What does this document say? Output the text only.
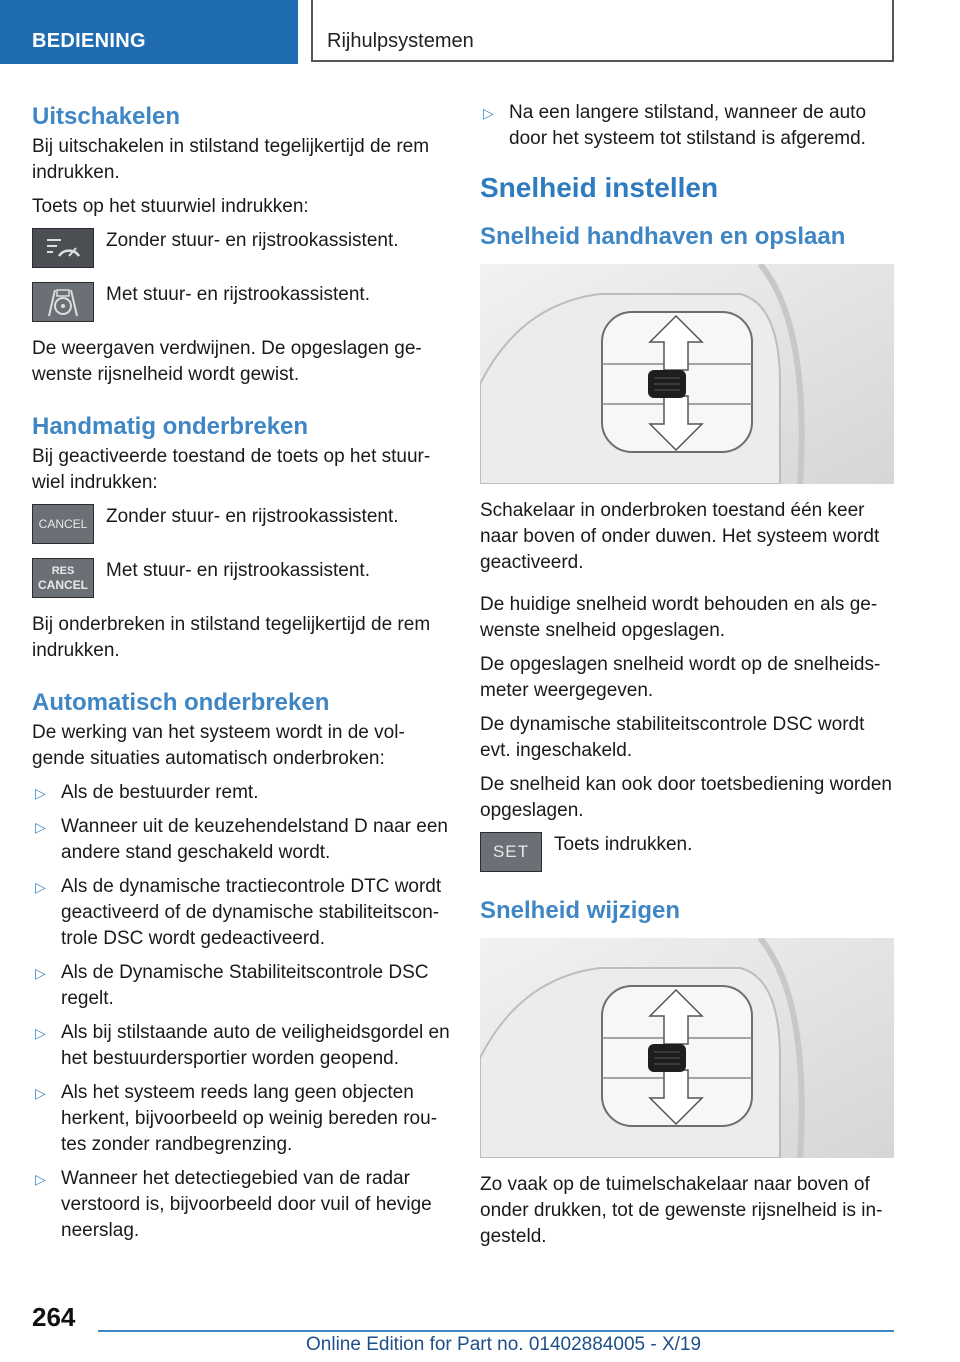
BEDIENING	Rijhulpsystemen
Uitschakelen

Bij uitschakelen in stilstand tegelijkertijd de rem indrukken.

Toets op het stuurwiel indrukken:

Zonder stuur- en rijstrookassistent.
Met stuur- en rijstrookassistent.

De weergaven verdwijnen. De opgeslagen gewenste rijsnelheid wordt gewist.

Handmatig onderbreken

Bij geactiveerde toestand de toets op het stuurwiel indrukken:

CANCEL Zonder stuur- en rijstrookassistent.
RES
CANCEL
Met stuur- en rijstrookassistent.

Bij onderbreken in stilstand tegelijkertijd de rem indrukken.

Automatisch onderbreken

De werking van het systeem wordt in de volgende situaties automatisch onderbroken:

▷ Als de bestuurder remt.
▷ Wanneer uit de keuzehendelstand D naar een andere stand geschakeld wordt.
▷ Als de dynamische tractiecontrole DTC wordt geactiveerd of de dynamische stabiliteitscontrole DSC wordt gedeactiveerd.
▷ Als de Dynamische Stabiliteitscontrole DSC regelt.
▷ Als bij stilstaande auto de veiligheidsgordel en het bestuurdersportier worden geopend.
▷ Als het systeem reeds lang geen objecten herkent, bijvoorbeeld op weinig bereden routes zonder randbegrenzing.
▷ Wanneer het detectiegebied van de radar verstoord is, bijvoorbeeld door vuil of hevige neerslag.
▷ Na een langere stilstand, wanneer de auto door het systeem tot stilstand is afgeremd.
Snelheid instellen
Snelheid handhaven en opslaan

Schakelaar in onderbroken toestand één keer naar boven of onder duwen. Het systeem wordt geactiveerd.

De huidige snelheid wordt behouden en als gewenste snelheid opgeslagen.

De opgeslagen snelheid wordt op de snelheidsmeter weergegeven.

De dynamische stabiliteitscontrole DSC wordt evt. ingeschakeld.

De snelheid kan ook door toetsbediening worden opgeslagen.

SET Toets indrukken.
Snelheid wijzigen

Zo vaak op de tuimelschakelaar naar boven of onder drukken, tot de gewenste rijsnelheid is ingesteld.

264
Online Edition for Part no. 01402884005 - X/19
